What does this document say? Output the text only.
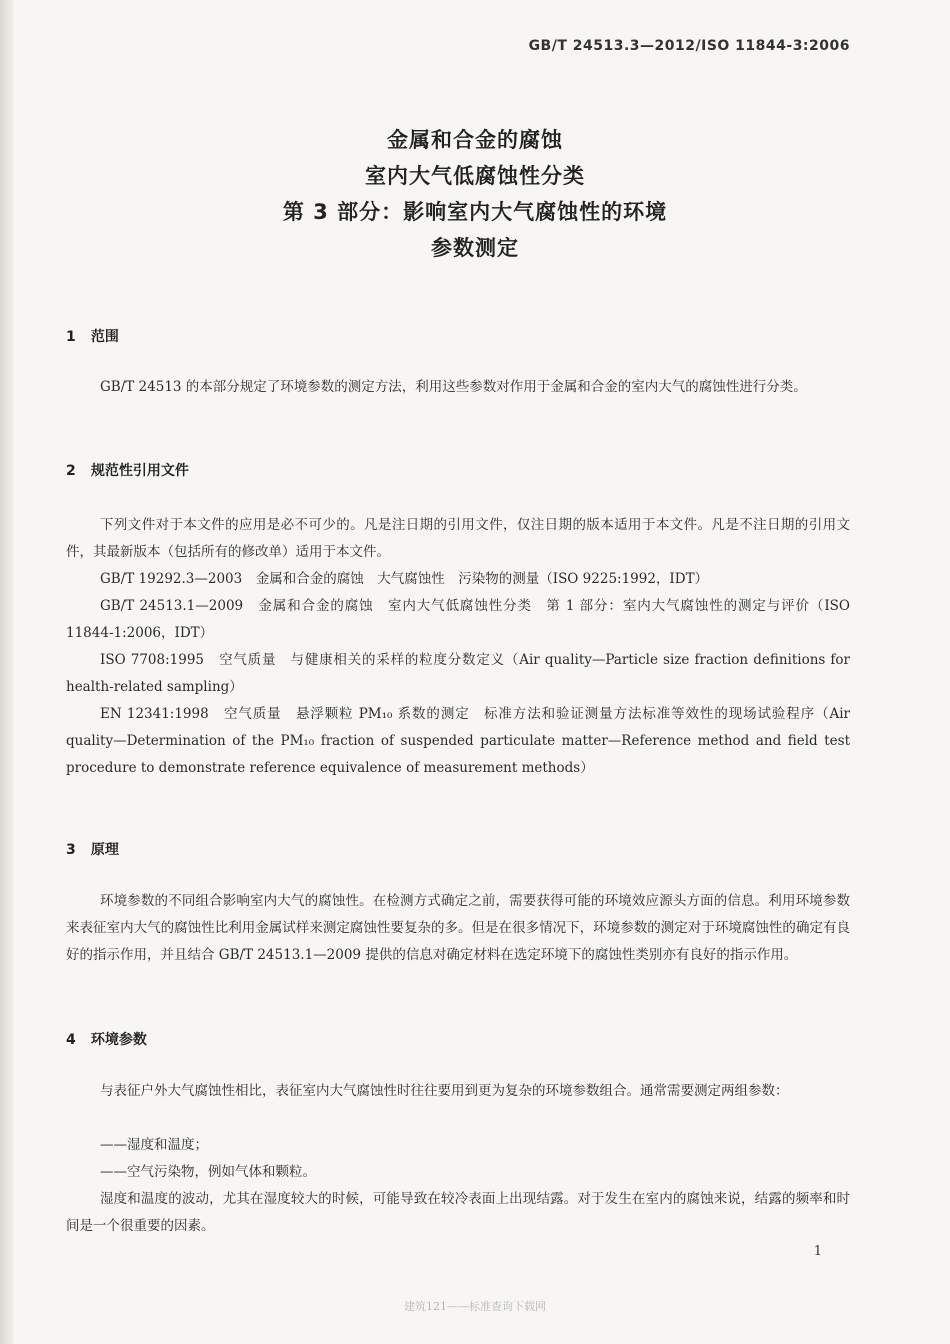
GB/T 24513.3—2012/ISO 11844-3:2006
金属和合金的腐蚀
室内大气低腐蚀性分类
第 3 部分：影响室内大气腐蚀性的环境
参数测定
1 范围
GB/T 24513 的本部分规定了环境参数的测定方法，利用这些参数对作用于金属和合金的室内大气的腐蚀性进行分类。
2 规范性引用文件
下列文件对于本文件的应用是必不可少的。凡是注日期的引用文件，仅注日期的版本适用于本文件。凡是不注日期的引用文件，其最新版本（包括所有的修改单）适用于本文件。
GB/T 19292.3—2003　金属和合金的腐蚀　大气腐蚀性　污染物的测量（ISO 9225:1992，IDT）
GB/T 24513.1—2009　金属和合金的腐蚀　室内大气低腐蚀性分类　第 1 部分：室内大气腐蚀性的测定与评价（ISO 11844-1:2006，IDT）
ISO 7708:1995　空气质量　与健康相关的采样的粒度分数定义（Air quality—Particle size fraction definitions for health-related sampling）
EN 12341:1998　空气质量　悬浮颗粒 PM₁₀ 系数的测定　标准方法和验证测量方法标准等效性的现场试验程序（Air quality—Determination of the PM₁₀ fraction of suspended particulate matter—Reference method and field test procedure to demonstrate reference equivalence of measurement methods）
3 原理
环境参数的不同组合影响室内大气的腐蚀性。在检测方式确定之前，需要获得可能的环境效应源头方面的信息。利用环境参数来表征室内大气的腐蚀性比利用金属试样来测定腐蚀性要复杂的多。但是在很多情况下，环境参数的测定对于环境腐蚀性的确定有良好的指示作用，并且结合 GB/T 24513.1—2009 提供的信息对确定材料在选定环境下的腐蚀性类别亦有良好的指示作用。
4 环境参数
与表征户外大气腐蚀性相比，表征室内大气腐蚀性时往往要用到更为复杂的环境参数组合。通常需要测定两组参数：
——湿度和温度；
——空气污染物，例如气体和颗粒。
湿度和温度的波动，尤其在湿度较大的时候，可能导致在较冷表面上出现结露。对于发生在室内的腐蚀来说，结露的频率和时间是一个很重要的因素。
1
建筑121——标准查询下载网
